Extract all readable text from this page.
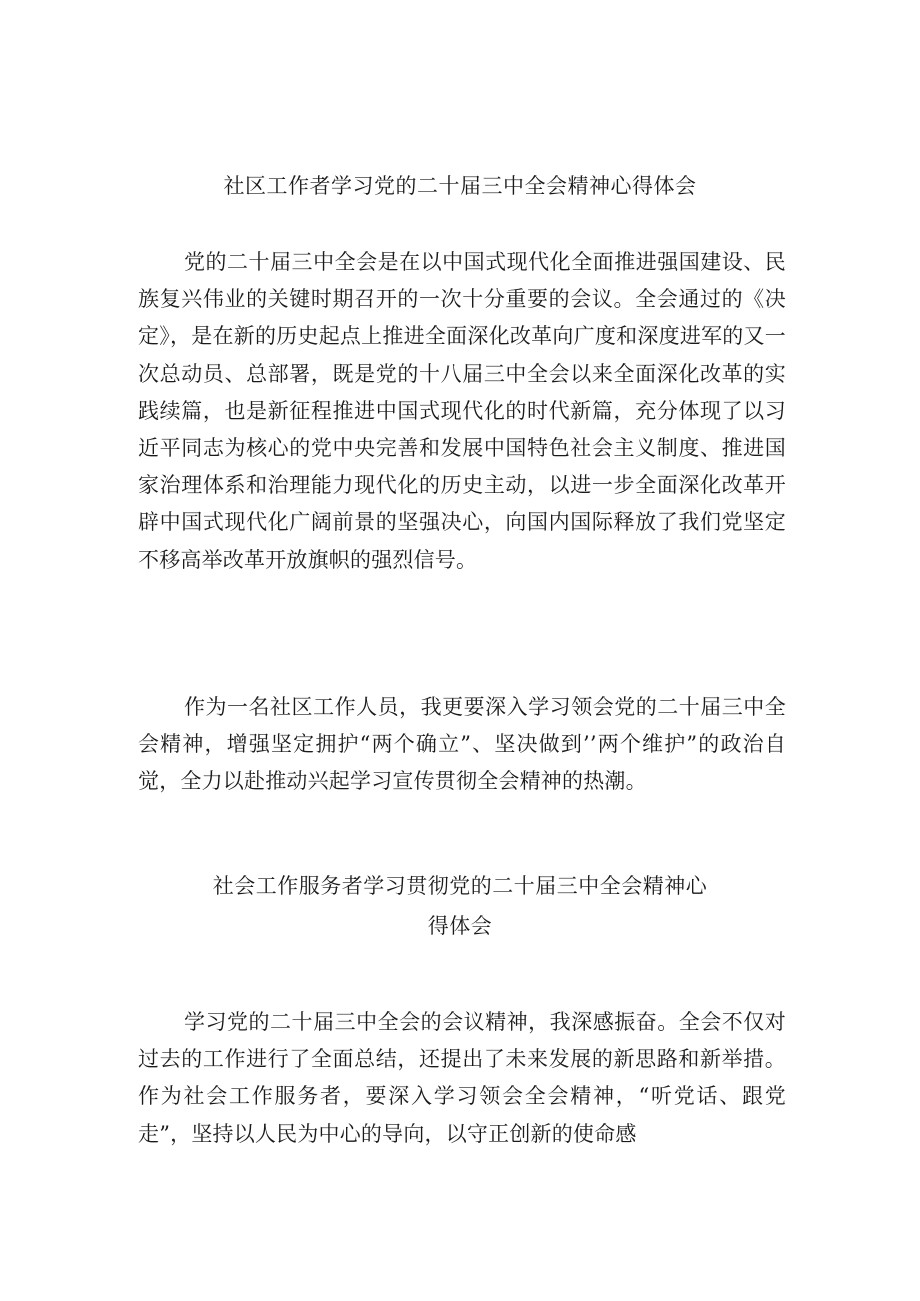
社区工作者学习党的二十届三中全会精神心得体会

党的二十届三中全会是在以中国式现代化全面推进强国建设、民族复兴伟业的关键时期召开的一次十分重要的会议。全会通过的《决定》，是在新的历史起点上推进全面深化改革向广度和深度进军的又一次总动员、总部署，既是党的十八届三中全会以来全面深化改革的实践续篇，也是新征程推进中国式现代化的时代新篇，充分体现了以习近平同志为核心的党中央完善和发展中国特色社会主义制度、推进国家治理体系和治理能力现代化的历史主动，以进一步全面深化改革开辟中国式现代化广阔前景的坚强决心，向国内国际释放了我们党坚定不移高举改革开放旗帜的强烈信号。

作为一名社区工作人员，我更要深入学习领会党的二十届三中全会精神，增强坚定拥护“两个确立”、坚决做到’’两个维护”的政治自觉，全力以赴推动兴起学习宣传贯彻全会精神的热潮。

社会工作服务者学习贯彻党的二十届三中全会精神心
得体会

学习党的二十届三中全会的会议精神，我深感振奋。全会不仅对过去的工作进行了全面总结，还提出了未来发展的新思路和新举措。作为社会工作服务者，要深入学习领会全会精神，“听党话、跟党走”，坚持以人民为中心的导向，以守正创新的使命感
